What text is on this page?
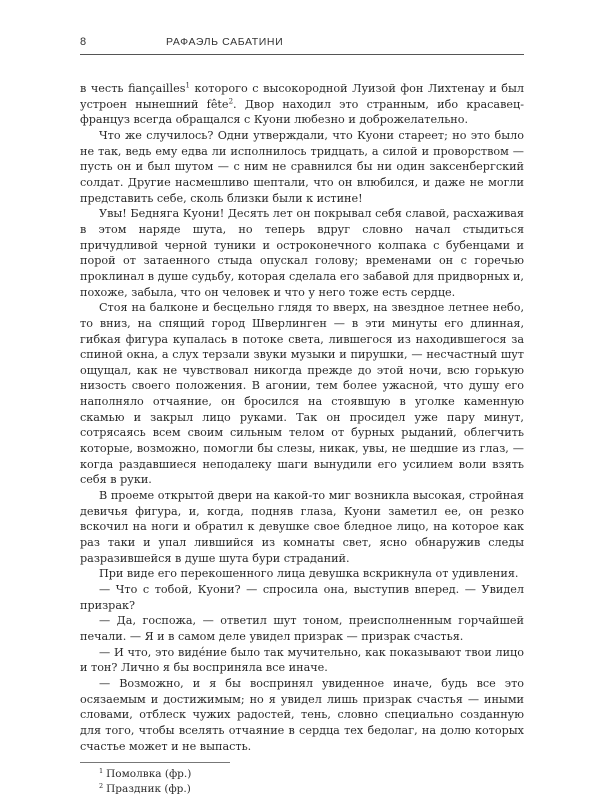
8	РАФАЭЛЬ САБАТИНИ

в честь fiançailles$^1$ которого с высокородной Луизой фон Лихтенау и был устроен нынешний fête$^2$. Двор находил это странным, ибо красавец-француз всегда обращался с Куони любезно и доброжелательно.

Что же случилось? Одни утверждали, что Куони стареет; но это было не так, ведь ему едва ли исполнилось тридцать, а силой и проворством — пусть он и был шутом — с ним не сравнился бы ни один заксенбергский солдат. Другие насмешливо шептали, что он влюбился, и даже не могли представить себе, сколь близки были к истине!

Увы! Бедняга Куони! Десять лет он покрывал себя славой, расхаживая в этом наряде шута, но теперь вдруг словно начал стыдиться причудливой черной туники и остроконечного колпака с бубенцами и порой от затаенного стыда опускал голову; временами он с горечью проклинал в душе судьбу, которая сделала его забавой для придворных и, похоже, забыла, что он человек и что у него тоже есть сердце.

Стоя на балконе и бесцельно глядя то вверх, на звездное летнее небо, то вниз, на спящий город Шверлинген — в эти минуты его длинная, гибкая фигура купалась в потоке света, лившегося из находившегося за спиной окна, а слух терзали звуки музыки и пирушки, — несчастный шут ощущал, как не чувствовал никогда прежде до этой ночи, всю горькую низость своего положения. В агонии, тем более ужасной, что душу его наполняло отчаяние, он бросился на стоявшую в уголке каменную скамью и закрыл лицо руками. Так он просидел уже пару минут, сотрясаясь всем своим сильным телом от бурных рыданий, облегчить которые, возможно, помогли бы слезы, никак, увы, не шедшие из глаз, — когда раздавшиеся неподалеку шаги вынудили его усилием воли взять себя в руки.

В проеме открытой двери на какой-то миг возникла высокая, стройная девичья фигура, и, когда, подняв глаза, Куони заметил ее, он резко вскочил на ноги и обратил к девушке свое бледное лицо, на которое как раз таки и упал лившийся из комнаты свет, ясно обнаружив следы разразившейся в душе шута бури страданий.

При виде его перекошенного лица девушка вскрикнула от удивления.

— Что с тобой, Куони? — спросила она, выступив вперед. — Увидел призрак?

— Да, госпожа, — ответил шут тоном, преисполненным горчайшей печали. — Я и в самом деле увидел призрак — призрак счастья.

— И что, это видéние было так мучительно, как показывают твои лицо и тон? Лично я бы восприняла все иначе.

— Возможно, и я бы воспринял увиденное иначе, будь все это осязаемым и достижимым; но я увидел лишь призрак счастья — иными словами, отблеск чужих радостей, тень, словно специально созданную для того, чтобы вселять отчаяние в сердца тех бедолаг, на долю которых счастье может и не выпасть.

$^1$ Помолвка (фр.)
$^2$ Праздник (фр.)
